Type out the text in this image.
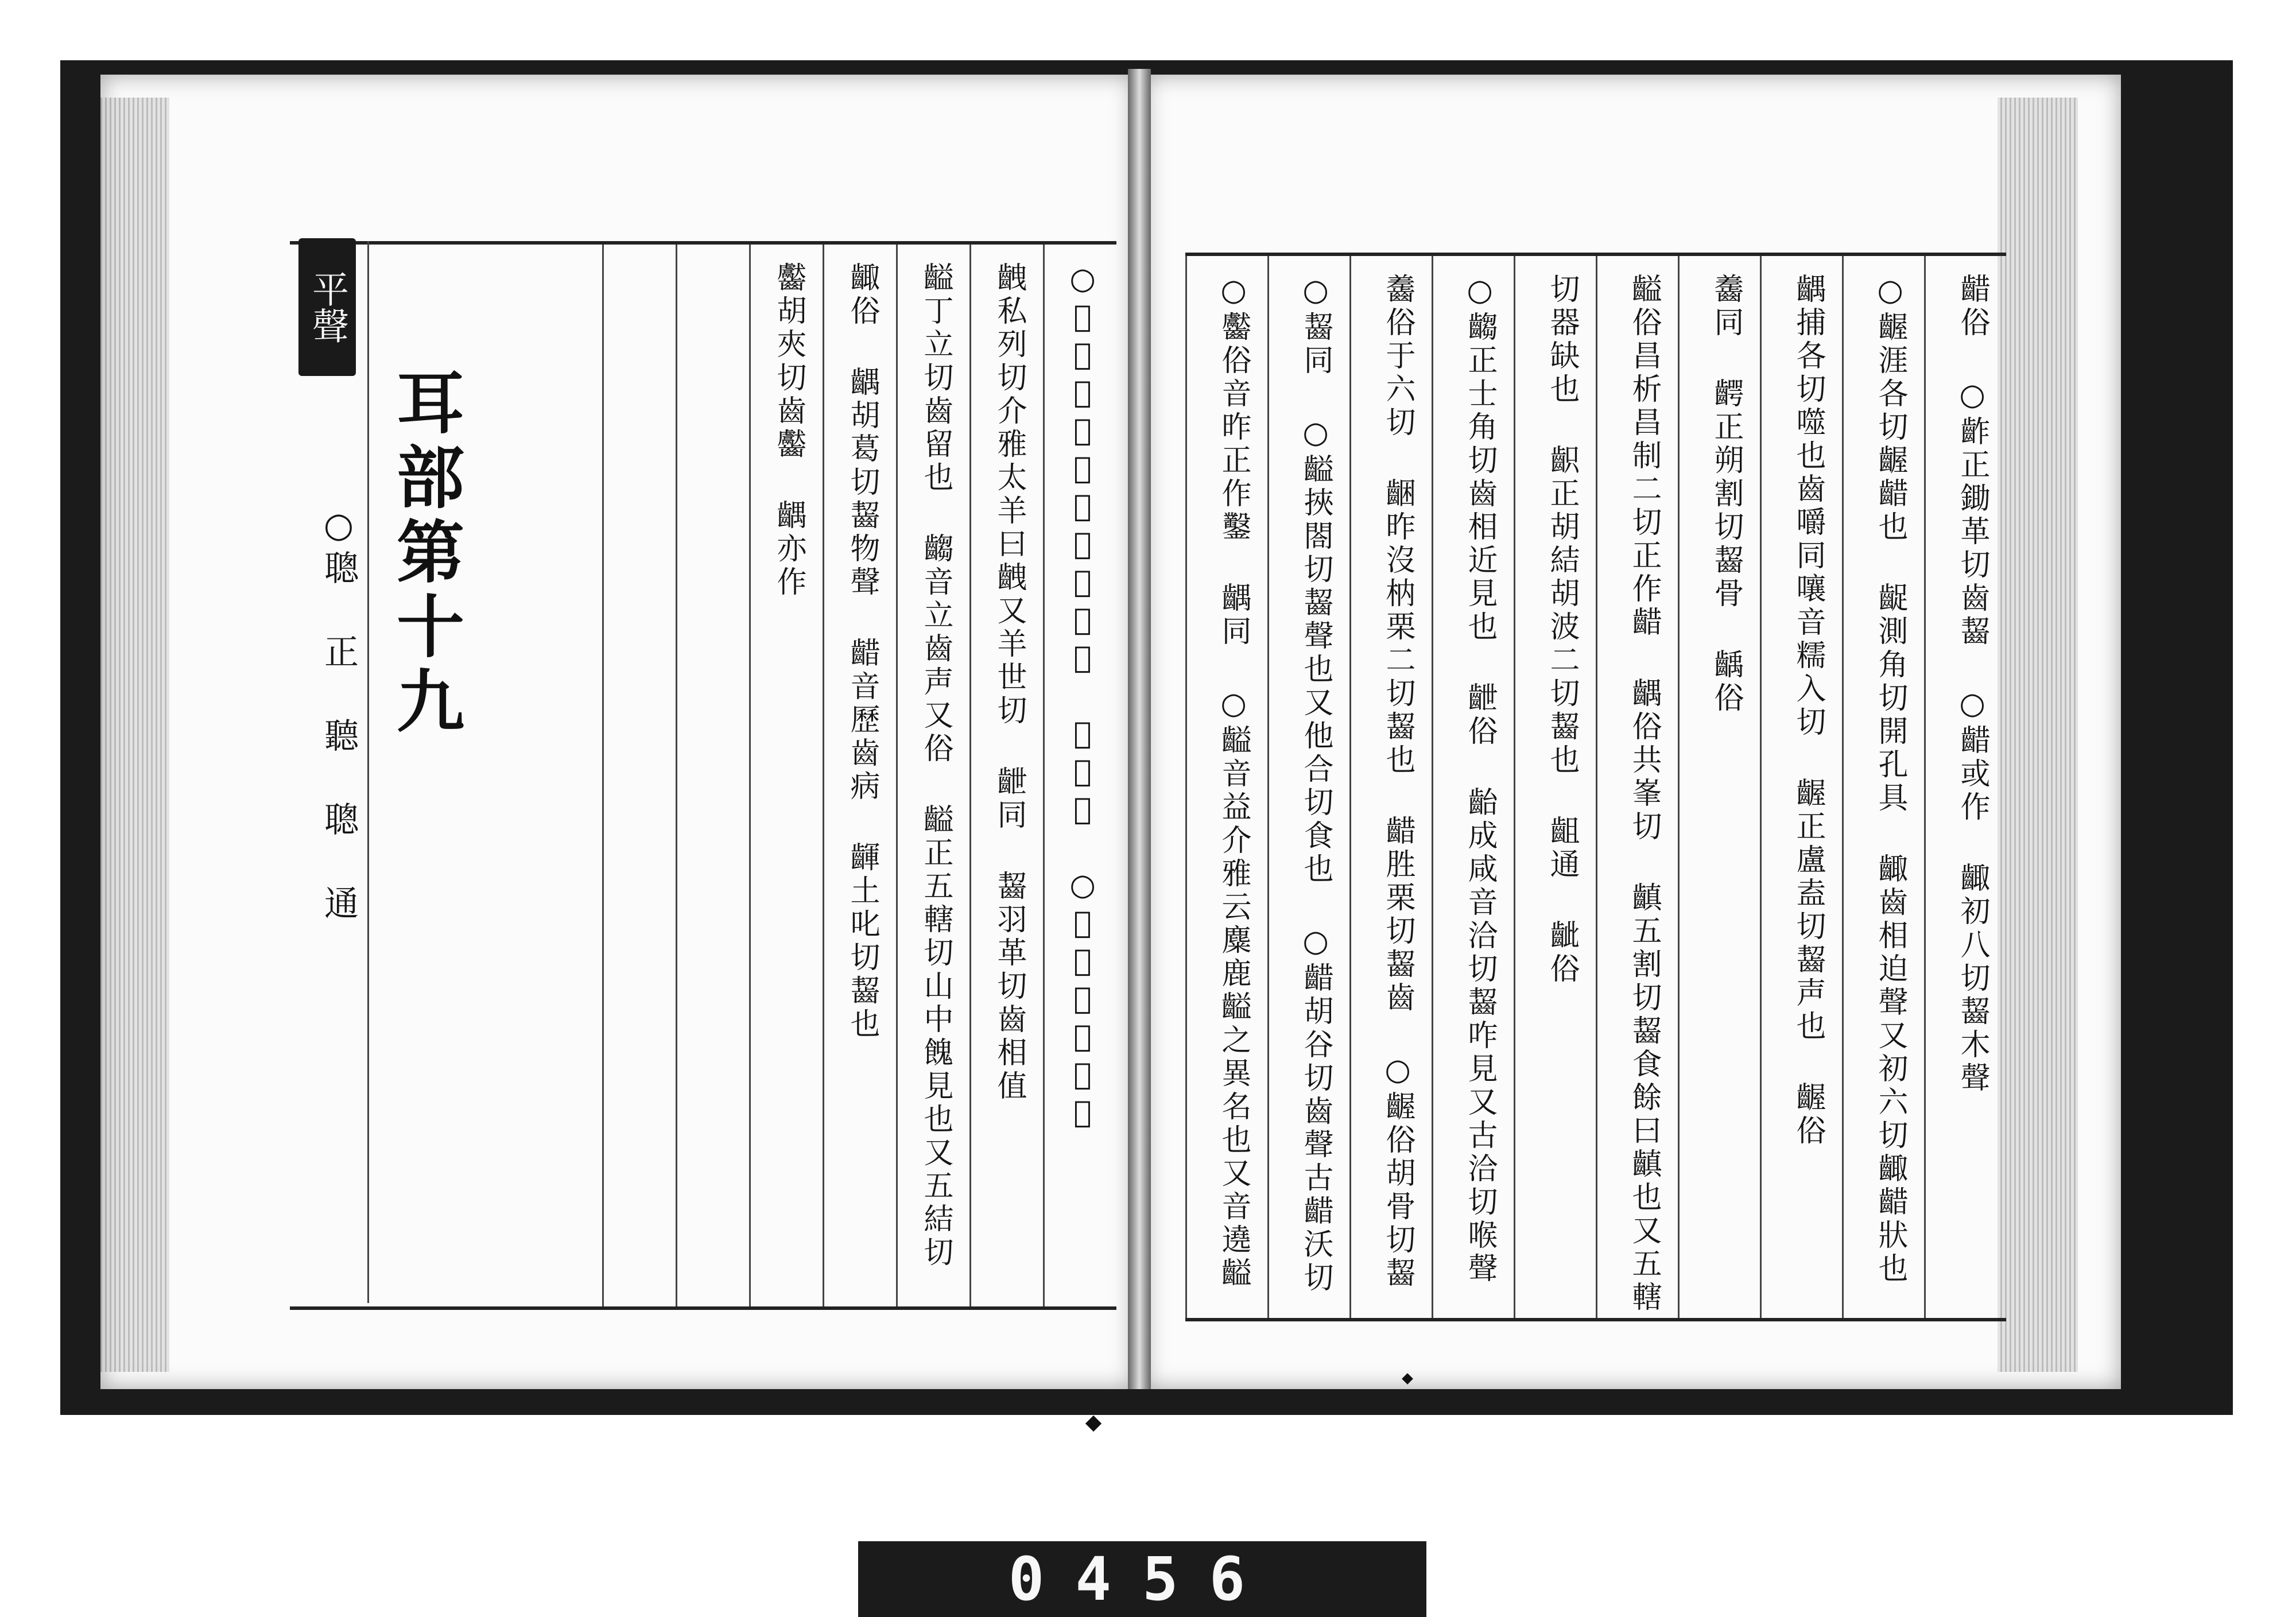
○𪙳直栗枕結二切齧堅声 齛同上 ○齝先結切齒也
齥私列切介雅太羊曰齥又羊世切 齛同 齧羽革切齒相值
齸丁立切齒留也 齺音立齒声又俗 齸正五轄切山中餽見也又五結切
齱俗 齵胡葛切齧物聲 齰音歷齒病 齳土叱切齧也
齾胡夾切齒齾 齵亦作
平聲
耳部第十九
○聰 正 聽 聰 通	齰俗 ○齚正鋤革切齒齧 ○齰或作 齱初八切齧木聲
○齷涯各切齷齰也 齪測角切開孔具 齱齒相迫聲又初六切齱齰狀也
齵捕各切噬也齒嚼同嚷音糯入切 齷正盧盍切齧声也 齷俗
齹同 齶正朔割切齧骨 齲俗
齸俗昌析昌制二切正作齰 齵俗共峯切 齻五割切齧食餘曰齻也又五轄
切器缺也 齞正胡結胡波二切齧也 齟通 齜俗
○齺正士角切齒相近見也 齛俗 齝成咸音洽切齧咋見又古洽切喉聲
齹俗于六切 齫昨沒枘栗二切齧也 齰胜栗切齧齒 ○齷俗胡骨切齧
○齧同 ○齸挾閤切齧聲也又他合切食也 ○齰胡谷切齒聲古齰沃切
○齾俗音昨正作鑿 齵同 ○齸音益介雅云麋鹿齸之異名也又音遶齸
0456
